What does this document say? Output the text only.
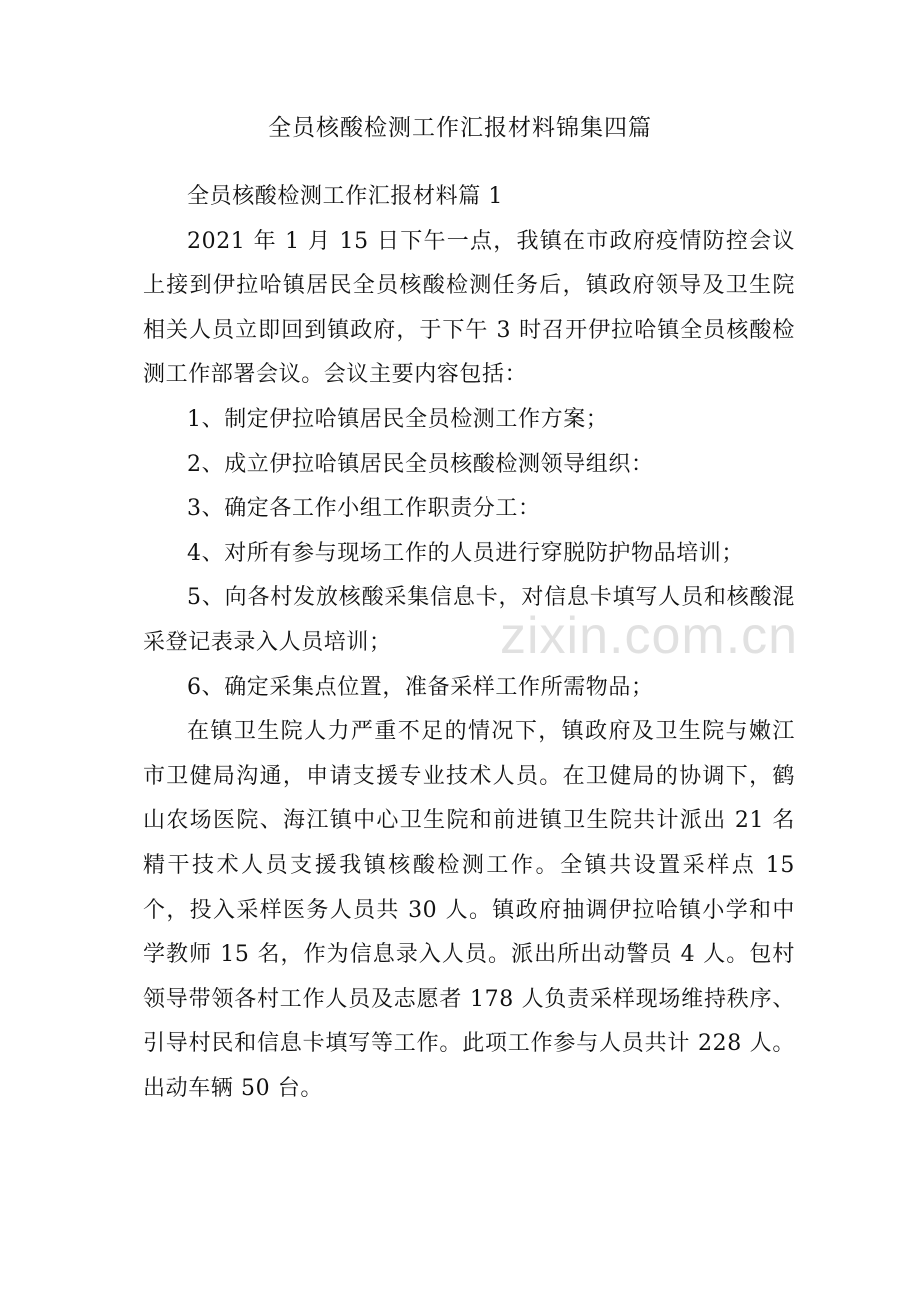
全员核酸检测工作汇报材料锦集四篇

全员核酸检测工作汇报材料篇 1

2021 年 1 月 15 日下午一点，我镇在市政府疫情防控会议上接到伊拉哈镇居民全员核酸检测任务后，镇政府领导及卫生院相关人员立即回到镇政府，于下午 3 时召开伊拉哈镇全员核酸检测工作部署会议。会议主要内容包括：

1、制定伊拉哈镇居民全员检测工作方案；

2、成立伊拉哈镇居民全员核酸检测领导组织：

3、确定各工作小组工作职责分工：

4、对所有参与现场工作的人员进行穿脱防护物品培训；

5、向各村发放核酸采集信息卡，对信息卡填写人员和核酸混采登记表录入人员培训；

6、确定采集点位置，准备采样工作所需物品；

在镇卫生院人力严重不足的情况下，镇政府及卫生院与嫩江市卫健局沟通，申请支援专业技术人员。在卫健局的协调下，鹤山农场医院、海江镇中心卫生院和前进镇卫生院共计派出 21 名精干技术人员支援我镇核酸检测工作。全镇共设置采样点 15 个，投入采样医务人员共 30 人。镇政府抽调伊拉哈镇小学和中学教师 15 名，作为信息录入人员。派出所出动警员 4 人。包村领导带领各村工作人员及志愿者 178 人负责采样现场维持秩序、引导村民和信息卡填写等工作。此项工作参与人员共计 228 人。出动车辆 50 台。

zixin.com.cn
